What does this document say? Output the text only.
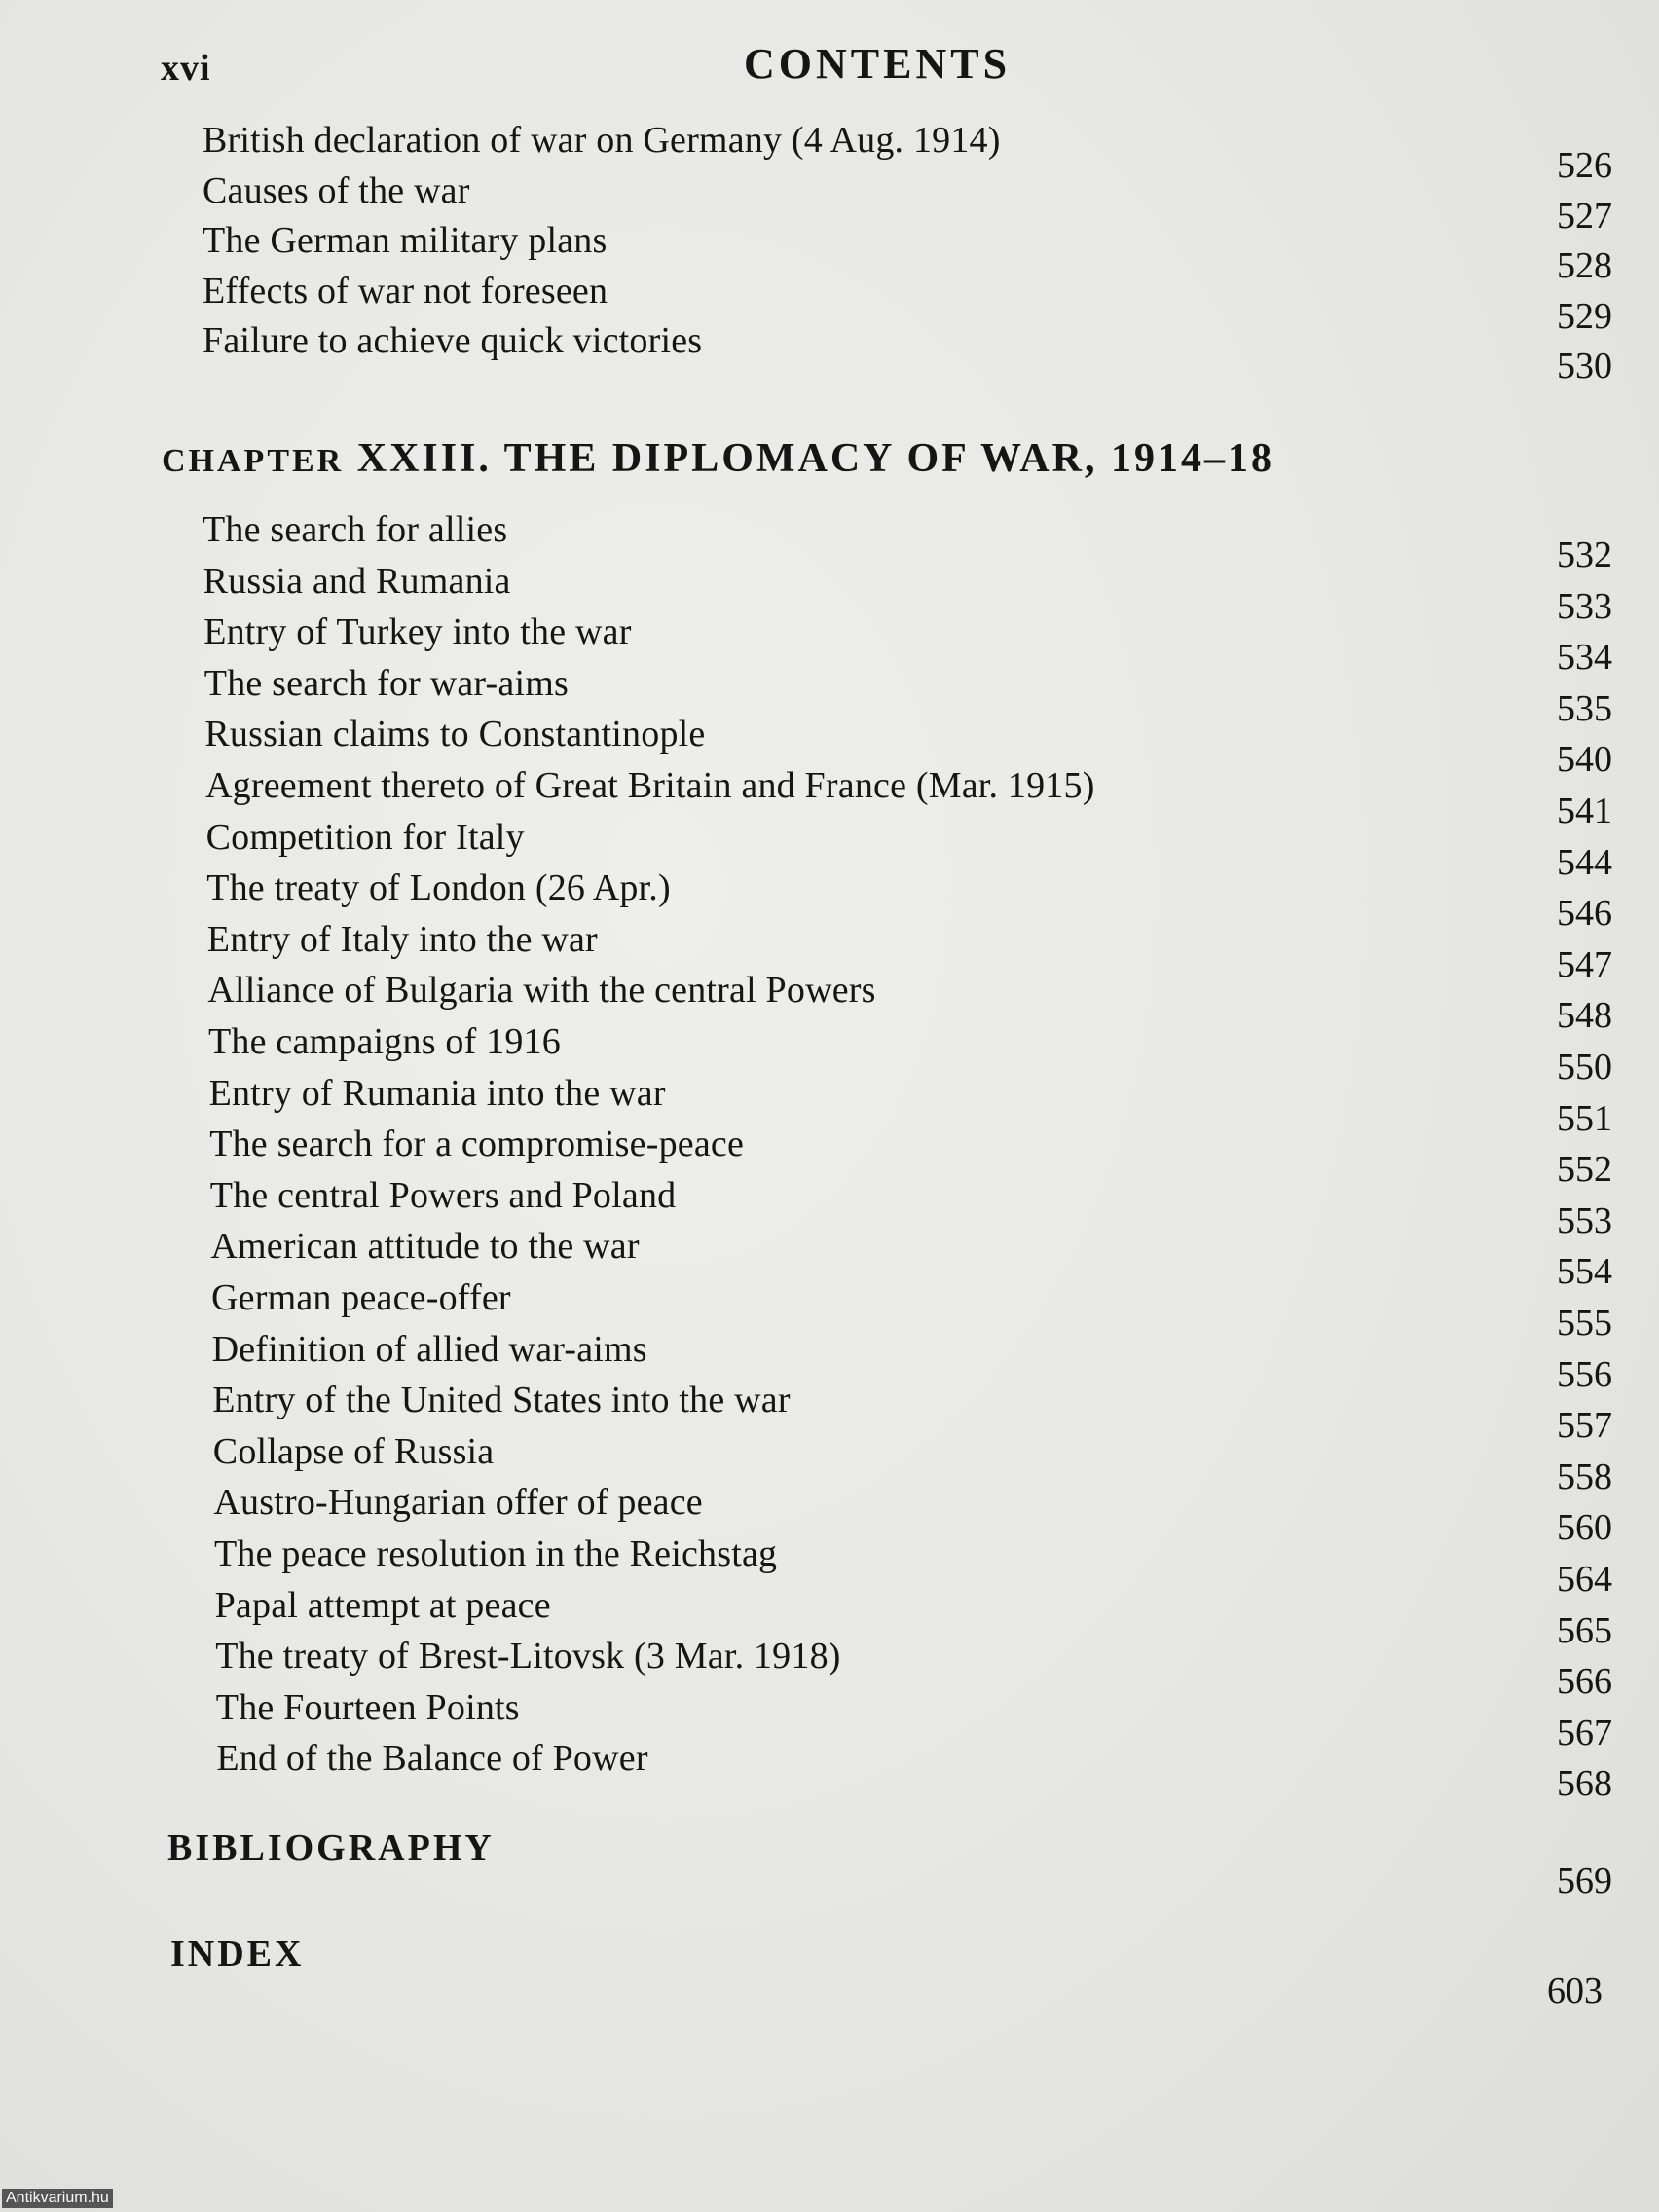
xvi	CONTENTS
British declaration of war on Germany (4 Aug. 1914)
526
Causes of the war
527
The German military plans
528
Effects of war not foreseen
529
Failure to achieve quick victories
530
CHAPTER XXIII. THE DIPLOMACY OF WAR, 1914–18
The search for allies
532
Russia and Rumania
533
Entry of Turkey into the war
534
The search for war-aims
535
Russian claims to Constantinople
540
Agreement thereto of Great Britain and France (Mar. 1915)
541
Competition for Italy
544
The treaty of London (26 Apr.)
546
Entry of Italy into the war
547
Alliance of Bulgaria with the central Powers
548
The campaigns of 1916
550
Entry of Rumania into the war
551
The search for a compromise-peace
552
The central Powers and Poland
553
American attitude to the war
554
German peace-offer
555
Definition of allied war-aims
556
Entry of the United States into the war
557
Collapse of Russia
558
Austro-Hungarian offer of peace
560
The peace resolution in the Reichstag
564
Papal attempt at peace
565
The treaty of Brest-Litovsk (3 Mar. 1918)
566
The Fourteen Points
567
End of the Balance of Power
568
BIBLIOGRAPHY
569
INDEX
603
Antikvarium.hu
